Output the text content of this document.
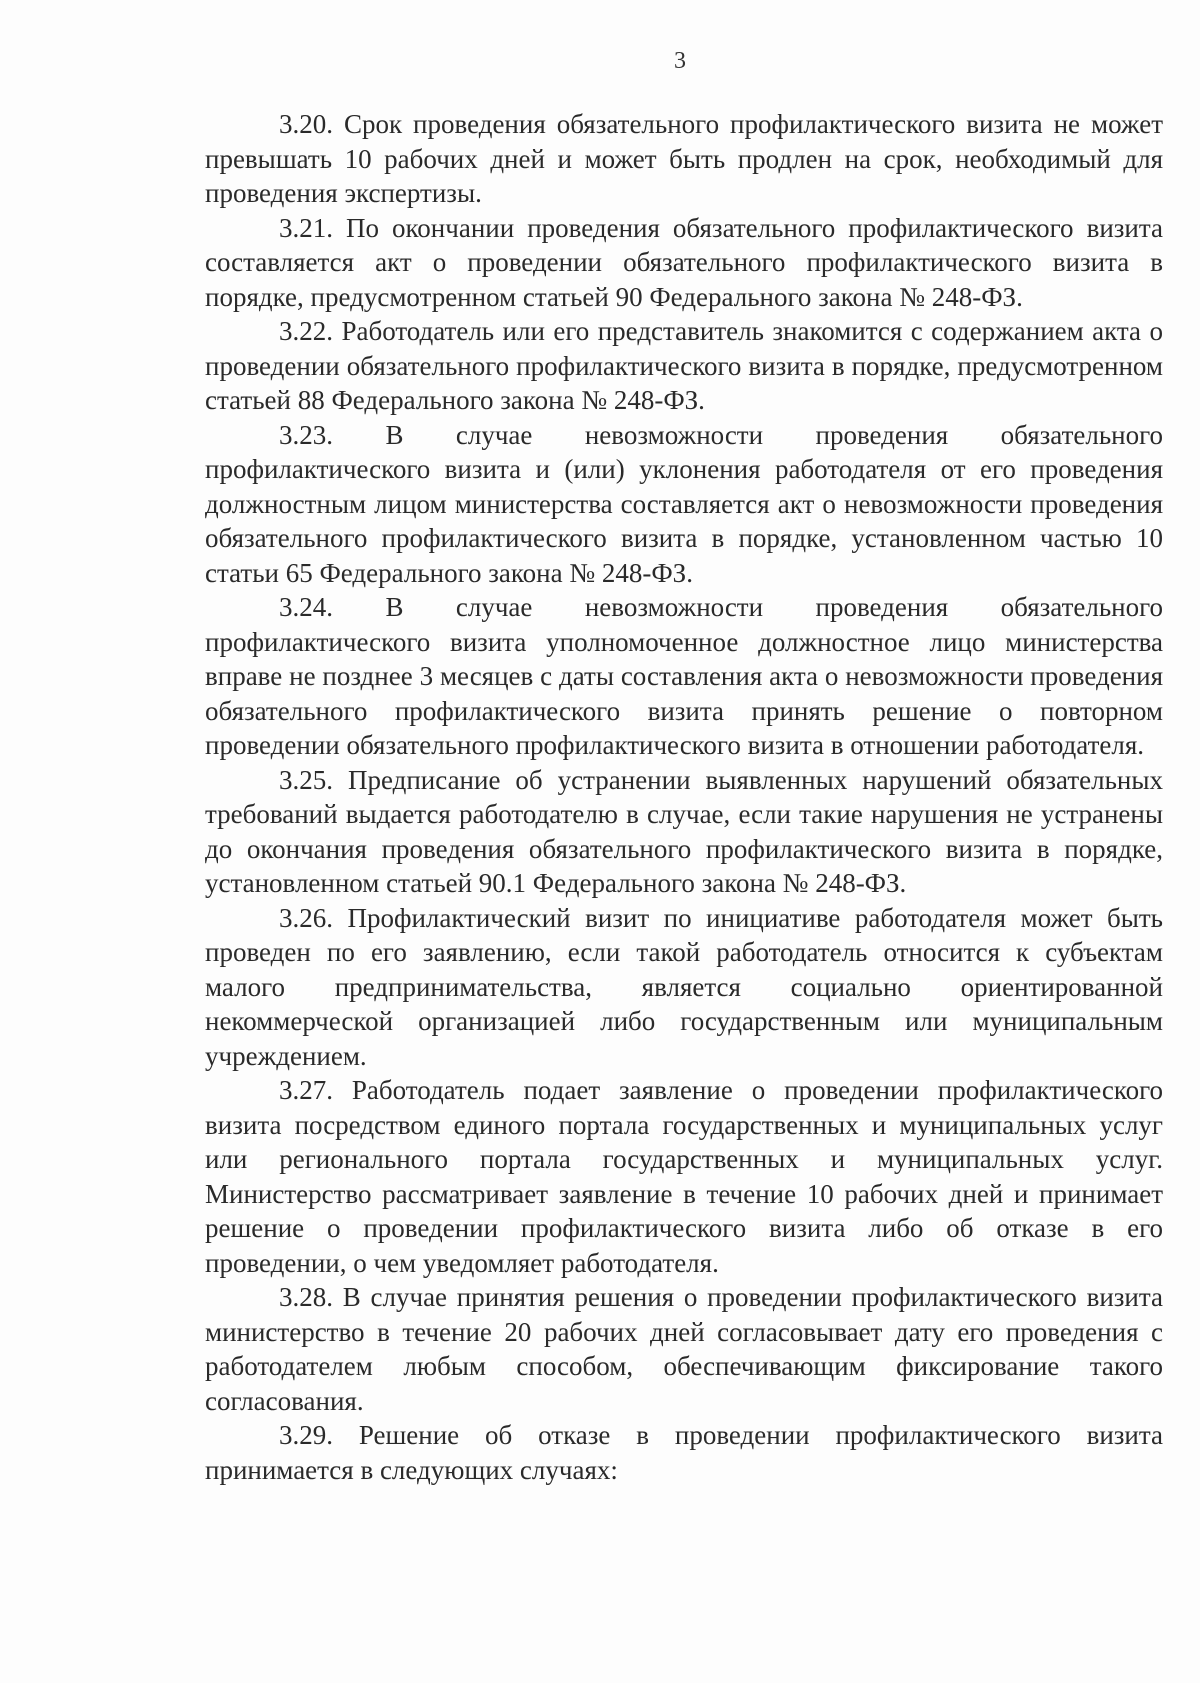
3

3.20. Срок проведения обязательного профилактического визита не может превышать 10 рабочих дней и может быть продлен на срок, необходимый для проведения экспертизы.

3.21. По окончании проведения обязательного профилактического визита составляется акт о проведении обязательного профилактического визита в порядке, предусмотренном статьей 90 Федерального закона № 248-ФЗ.

3.22. Работодатель или его представитель знакомится с содержанием акта о проведении обязательного профилактического визита в порядке, предусмотренном статьей 88 Федерального закона № 248-ФЗ.

3.23. В случае невозможности проведения обязательного профилактического визита и (или) уклонения работодателя от его проведения должностным лицом министерства составляется акт о невозможности проведения обязательного профилактического визита в порядке, установленном частью 10 статьи 65 Федерального закона № 248-ФЗ.

3.24. В случае невозможности проведения обязательного профилактического визита уполномоченное должностное лицо министерства вправе не позднее 3 месяцев с даты составления акта о невозможности проведения обязательного профилактического визита принять решение о повторном проведении обязательного профилактического визита в отношении работодателя.

3.25. Предписание об устранении выявленных нарушений обязательных требований выдается работодателю в случае, если такие нарушения не устранены до окончания проведения обязательного профилактического визита в порядке, установленном статьей 90.1 Федерального закона № 248-ФЗ.

3.26. Профилактический визит по инициативе работодателя может быть проведен по его заявлению, если такой работодатель относится к субъектам малого предпринимательства, является социально ориентированной некоммерческой организацией либо государственным или муниципальным учреждением.

3.27. Работодатель подает заявление о проведении профилактического визита посредством единого портала государственных и муниципальных услуг или регионального портала государственных и муниципальных услуг. Министерство рассматривает заявление в течение 10 рабочих дней и принимает решение о проведении профилактического визита либо об отказе в его проведении, о чем уведомляет работодателя.

3.28. В случае принятия решения о проведении профилактического визита министерство в течение 20 рабочих дней согласовывает дату его проведения с работодателем любым способом, обеспечивающим фиксирование такого согласования.

3.29. Решение об отказе в проведении профилактического визита принимается в следующих случаях:
